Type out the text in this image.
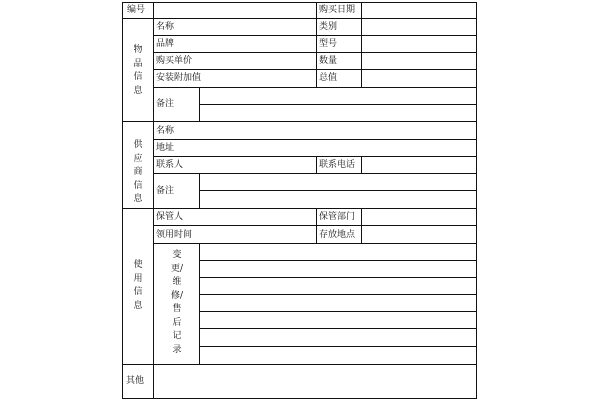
编号	购买日期
物品信息
名称	类别
品牌	型号
购买单价	数量
安装附加值	总值
备注
供应商信息
名称
地址
联系人	联系电话
备注
使用信息
保管人	保管部门
领用时间	存放地点
变更/维修/售后记录
其他
